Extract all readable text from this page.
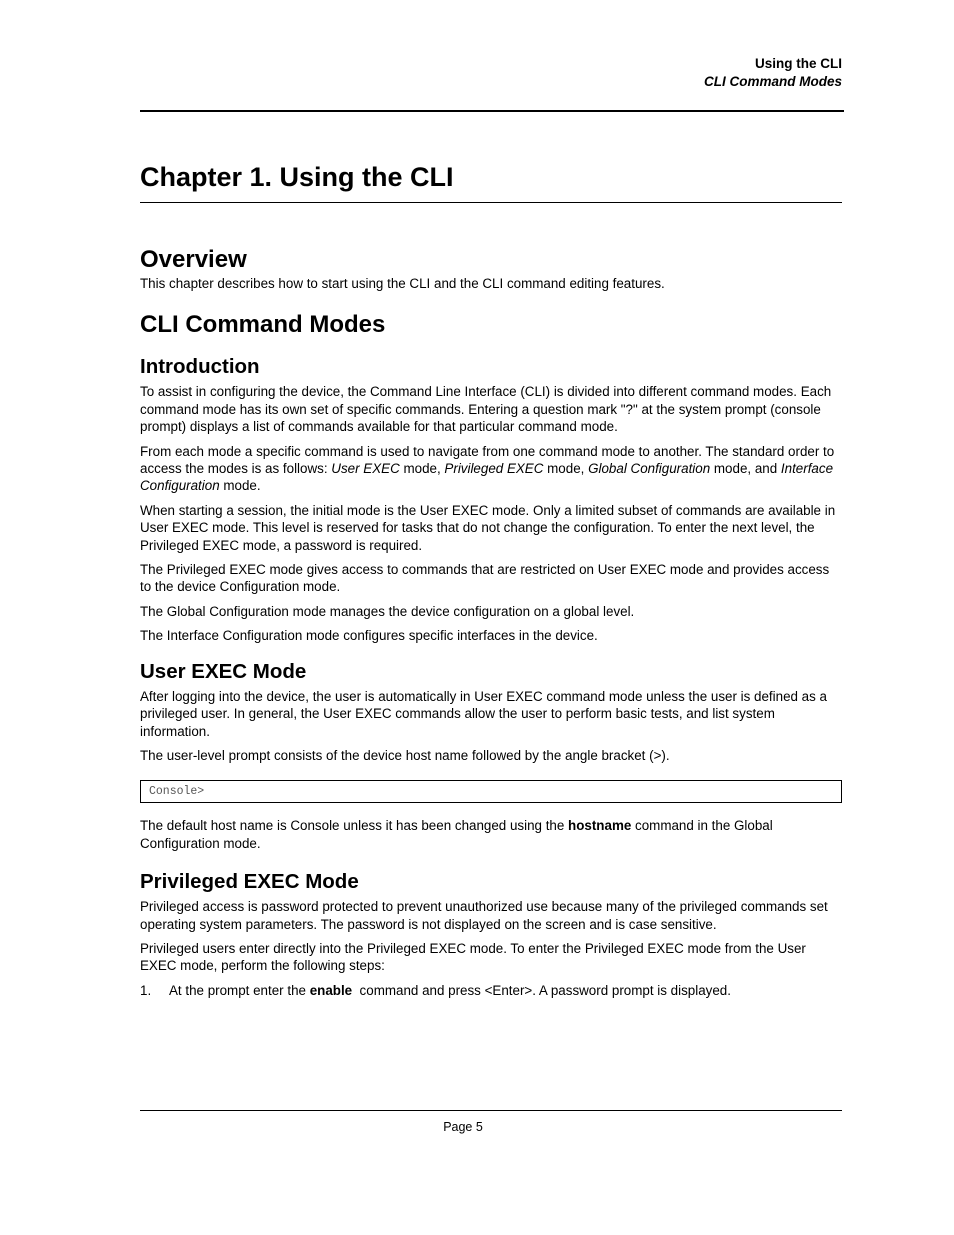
Using the CLI
CLI Command Modes
Chapter 1. Using the CLI
Overview

This chapter describes how to start using the CLI and the CLI command editing features.

CLI Command Modes
Introduction

To assist in configuring the device, the Command Line Interface (CLI) is divided into different command modes. Each command mode has its own set of specific commands. Entering a question mark "?" at the system prompt (console prompt) displays a list of commands available for that particular command mode.

From each mode a specific command is used to navigate from one command mode to another. The standard order to access the modes is as follows: User EXEC mode, Privileged EXEC mode, Global Configuration mode, and Interface Configuration mode.

When starting a session, the initial mode is the User EXEC mode. Only a limited subset of commands are available in User EXEC mode. This level is reserved for tasks that do not change the configuration. To enter the next level, the Privileged EXEC mode, a password is required.

The Privileged EXEC mode gives access to commands that are restricted on User EXEC mode and provides access to the device Configuration mode.

The Global Configuration mode manages the device configuration on a global level.

The Interface Configuration mode configures specific interfaces in the device.

User EXEC Mode

After logging into the device, the user is automatically in User EXEC command mode unless the user is defined as a privileged user. In general, the User EXEC commands allow the user to perform basic tests, and list system information.

The user-level prompt consists of the device host name followed by the angle bracket (>).

Console>

The default host name is Console unless it has been changed using the hostname command in the Global Configuration mode.

Privileged EXEC Mode

Privileged access is password protected to prevent unauthorized use because many of the privileged commands set operating system parameters. The password is not displayed on the screen and is case sensitive.

Privileged users enter directly into the Privileged EXEC mode. To enter the Privileged EXEC mode from the User EXEC mode, perform the following steps:

1. At the prompt enter the enable  command and press <Enter>. A password prompt is displayed.
Page 5
